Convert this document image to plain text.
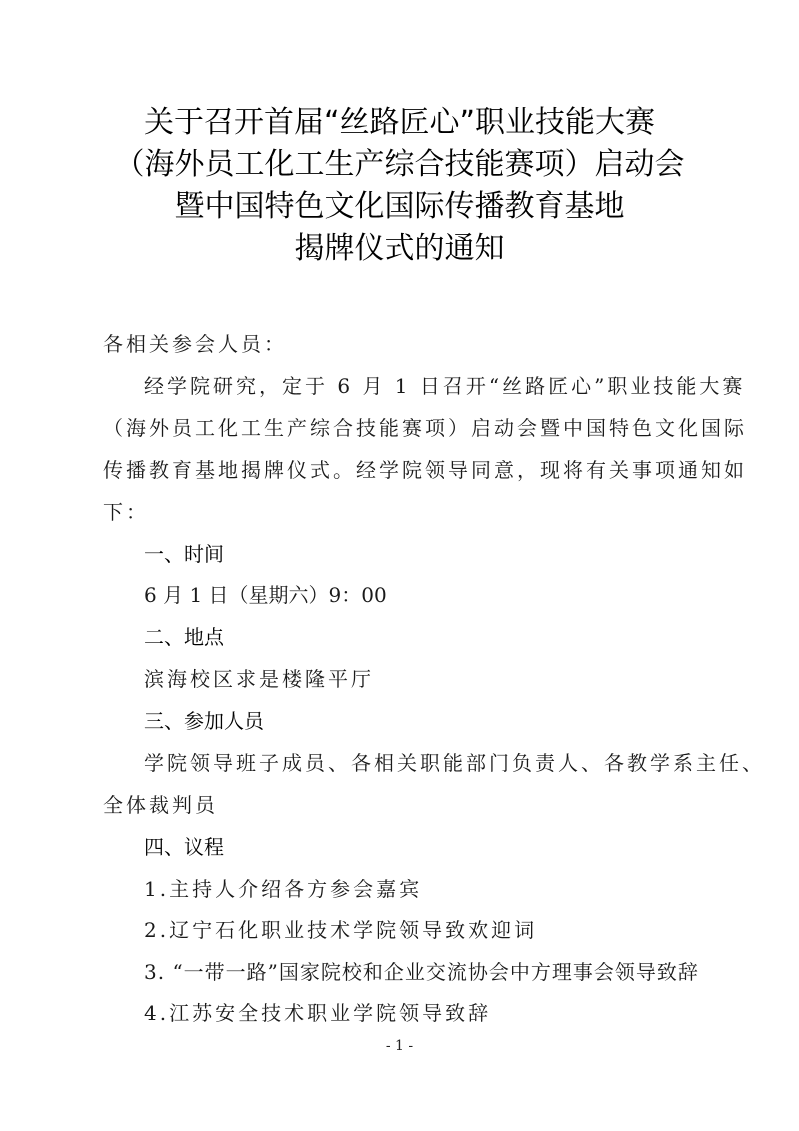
关于召开首届“丝路匠心”职业技能大赛
（海外员工化工生产综合技能赛项）启动会
暨中国特色文化国际传播教育基地
揭牌仪式的通知
各相关参会人员：
经学院研究，定于 6 月 1 日召开“丝路匠心”职业技能大赛
（海外员工化工生产综合技能赛项）启动会暨中国特色文化国际
传播教育基地揭牌仪式。经学院领导同意，现将有关事项通知如
下：
一、时间
6 月 1 日（星期六）9：00
二、地点
滨海校区求是楼隆平厅
三、参加人员
学院领导班子成员、各相关职能部门负责人、各教学系主任、
全体裁判员
四、议程
1.主持人介绍各方参会嘉宾
2.辽宁石化职业技术学院领导致欢迎词
3. “一带一路”国家院校和企业交流协会中方理事会领导致辞
4.江苏安全技术职业学院领导致辞
- 1 -
